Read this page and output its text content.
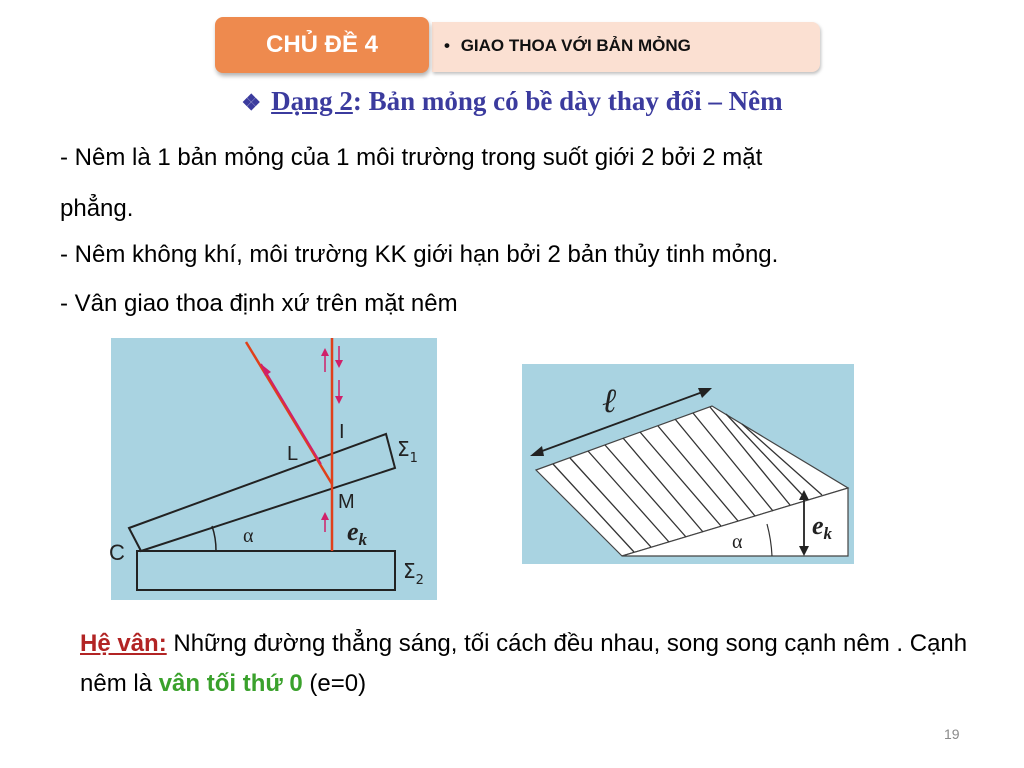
• GIAO THOA VỚI BẢN MỎNG
CHỦ ĐỀ 4
❖ Dạng 2: Bản mỏng có bề dày thay đổi – Nêm
- Nêm là 1 bản mỏng của 1 môi trường trong suốt giới 2 bởi 2 mặt
phẳng.
- Nêm không khí, môi trường KK giới hạn bởi 2 bản thủy tinh mỏng.
- Vân giao thoa định xứ trên mặt nêm
L
I
M
C
α	ek
$\Sigma_1$
$\Sigma_2$
ℓ
α
ek
Hệ vân: Những đường thẳng sáng, tối cách đều nhau, song song cạnh nêm . Cạnh nêm là vân tối thứ 0 (e=0)
19
